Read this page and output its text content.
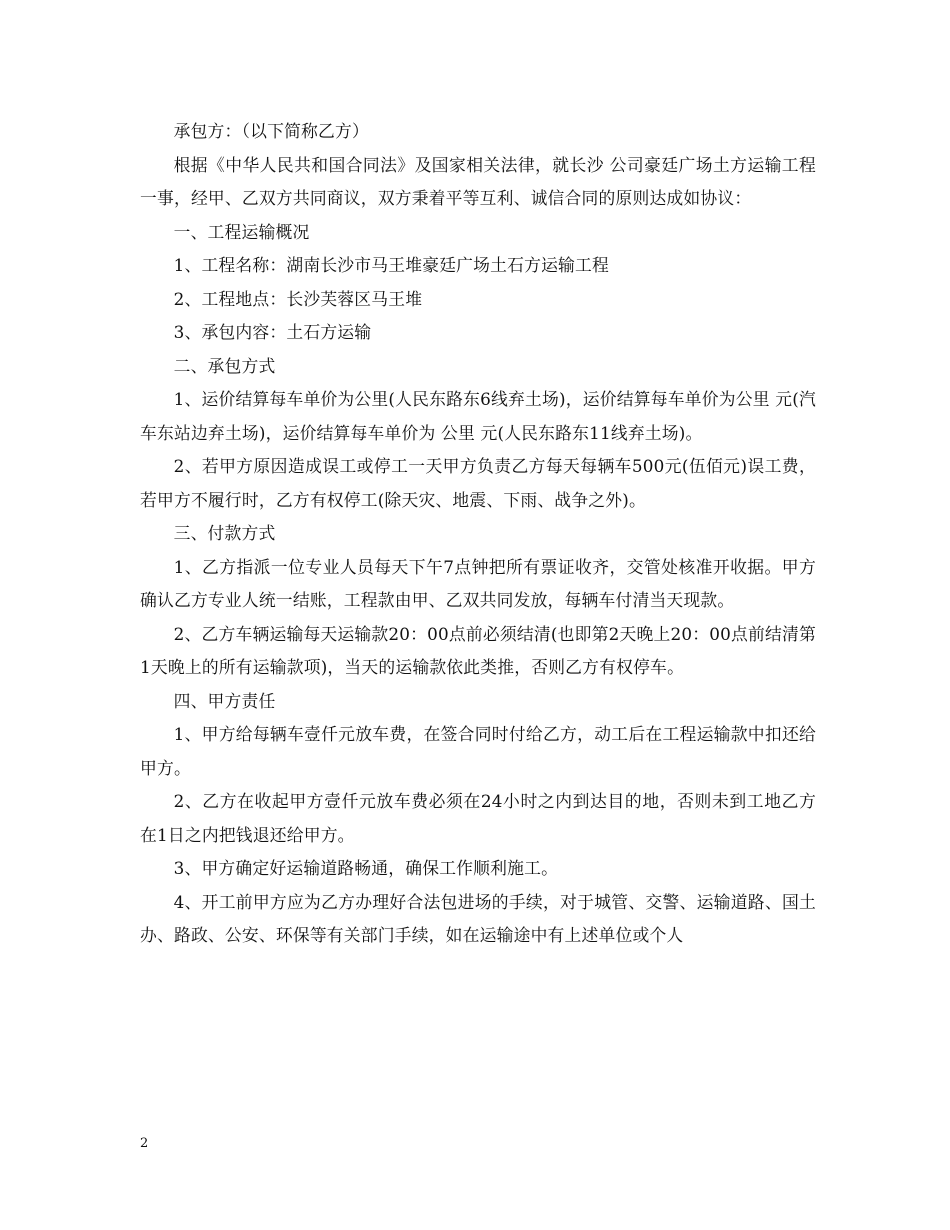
承包方：（以下简称乙方）

根据《中华人民共和国合同法》及国家相关法律，就长沙 公司豪廷广场土方运输工程一事，经甲、乙双方共同商议，双方秉着平等互利、诚信合同的原则达成如协议：

一、工程运输概况

1、工程名称：湖南长沙市马王堆豪廷广场土石方运输工程

2、工程地点：长沙芙蓉区马王堆

3、承包内容：土石方运输

二、承包方式

1、运价结算每车单价为公里(人民东路东6线弃土场)，运价结算每车单价为公里 元(汽车东站边弃土场)，运价结算每车单价为 公里 元(人民东路东11线弃土场)。

2、若甲方原因造成误工或停工一天甲方负责乙方每天每辆车500元(伍佰元)误工费，若甲方不履行时，乙方有权停工(除天灾、地震、下雨、战争之外)。

三、付款方式

1、乙方指派一位专业人员每天下午7点钟把所有票证收齐，交管处核准开收据。甲方确认乙方专业人统一结账，工程款由甲、乙双共同发放，每辆车付清当天现款。

2、乙方车辆运输每天运输款20：00点前必须结清(也即第2天晚上20：00点前结清第1天晚上的所有运输款项)，当天的运输款依此类推，否则乙方有权停车。

四、甲方责任

1、甲方给每辆车壹仟元放车费，在签合同时付给乙方，动工后在工程运输款中扣还给甲方。

2、乙方在收起甲方壹仟元放车费必须在24小时之内到达目的地，否则未到工地乙方在1日之内把钱退还给甲方。

3、甲方确定好运输道路畅通，确保工作顺利施工。

4、开工前甲方应为乙方办理好合法包进场的手续，对于城管、交警、运输道路、国土办、路政、公安、环保等有关部门手续，如在运输途中有上述单位或个人

2
